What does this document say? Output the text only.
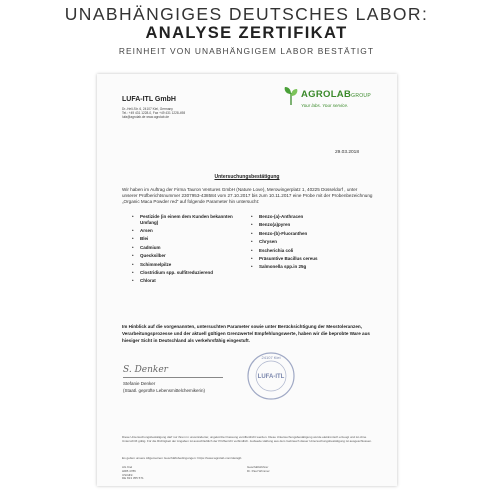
UNABHÄNGIGES DEUTSCHES LABOR:
ANALYSE ZERTIFIKAT
REINHEIT VON UNABHÄNGIGEM LABOR BESTÄTIGT
LUFA-ITL GmbH
Dr.-Hell-Str. 6, 24107 Kiel, Germany
Tel.: +49 431 1228-0, Fax +49 431 1228-498
lufa@agrolab.de www.agrolab.de
AGROLABGROUP
Your labs. Your service.
29.03.2018
Untersuchungsbestätigung
Wir haben im Auftrag der Firma Tauron Ventures GmbH (Nature Love), Merowingerplatz 1, 40225 Düsseldorf , unter unserer Prüfberichtsnummer 2307953-438584 vom 27.10.2017 bis zum 10.11.2017 eine Probe mit der Probenbezeichnung „Organic Maca Powder red“ auf folgende Parameter hin untersucht:
• Pestizide (in einem dem Kunden bekannten Umfang)
• Arsen
• Blei
• Cadmium
• Quecksilber
• Schimmelpilze
• Clostridium spp. sulfitreduzierend
• Chlorat
• Benzo-(a)-Anthracen
• Benzo(a)pyren
• Benzo-(b)-Fluoranthen
• Chrysen
• Escherichia coli
• Präsumtive Bacillus cereus
• Salmonella spp.in 25g
Im Hinblick auf die vorgenannten, untersuchten Parameter sowie unter Berücksichtigung der Messtoleranzen, Verarbeitungsprozesse und der aktuell gültigen Grenzwerte/ Empfehlungswerte, haben wir die beprobte Ware aus hiesiger Sicht in Deutschland als verkehrsfähig eingestuft.
S. Denker
24107 Kiel
LUFA-ITL
Stefanie Denker
(Staatl. geprüfte Lebensmittelchemikerin)
Diese Untersuchungsbestätigung darf nur ihrem in unveränderter, ungekürzter Fassung veröffentlicht werden. Diese Untersuchungsbestätigung wurde elektronisch erzeugt und ist ohne Unterschrift gültig. Für die Richtigkeit der Angaben ist ausschließlich der Prüfbericht verbindlich. Jedwede Haftung aus dem Gebrauch dieser Untersuchungsbestätigung ist ausgeschlossen.
Es gelten unsere Allgemeinen Geschäftsbedingungen: https://www.agrolab.com/de/agb
AG Kiel
HRB 4786
UStIdNr.
DE 813 355 571
Geschäftsführer
Dr. Paul Wimmer
